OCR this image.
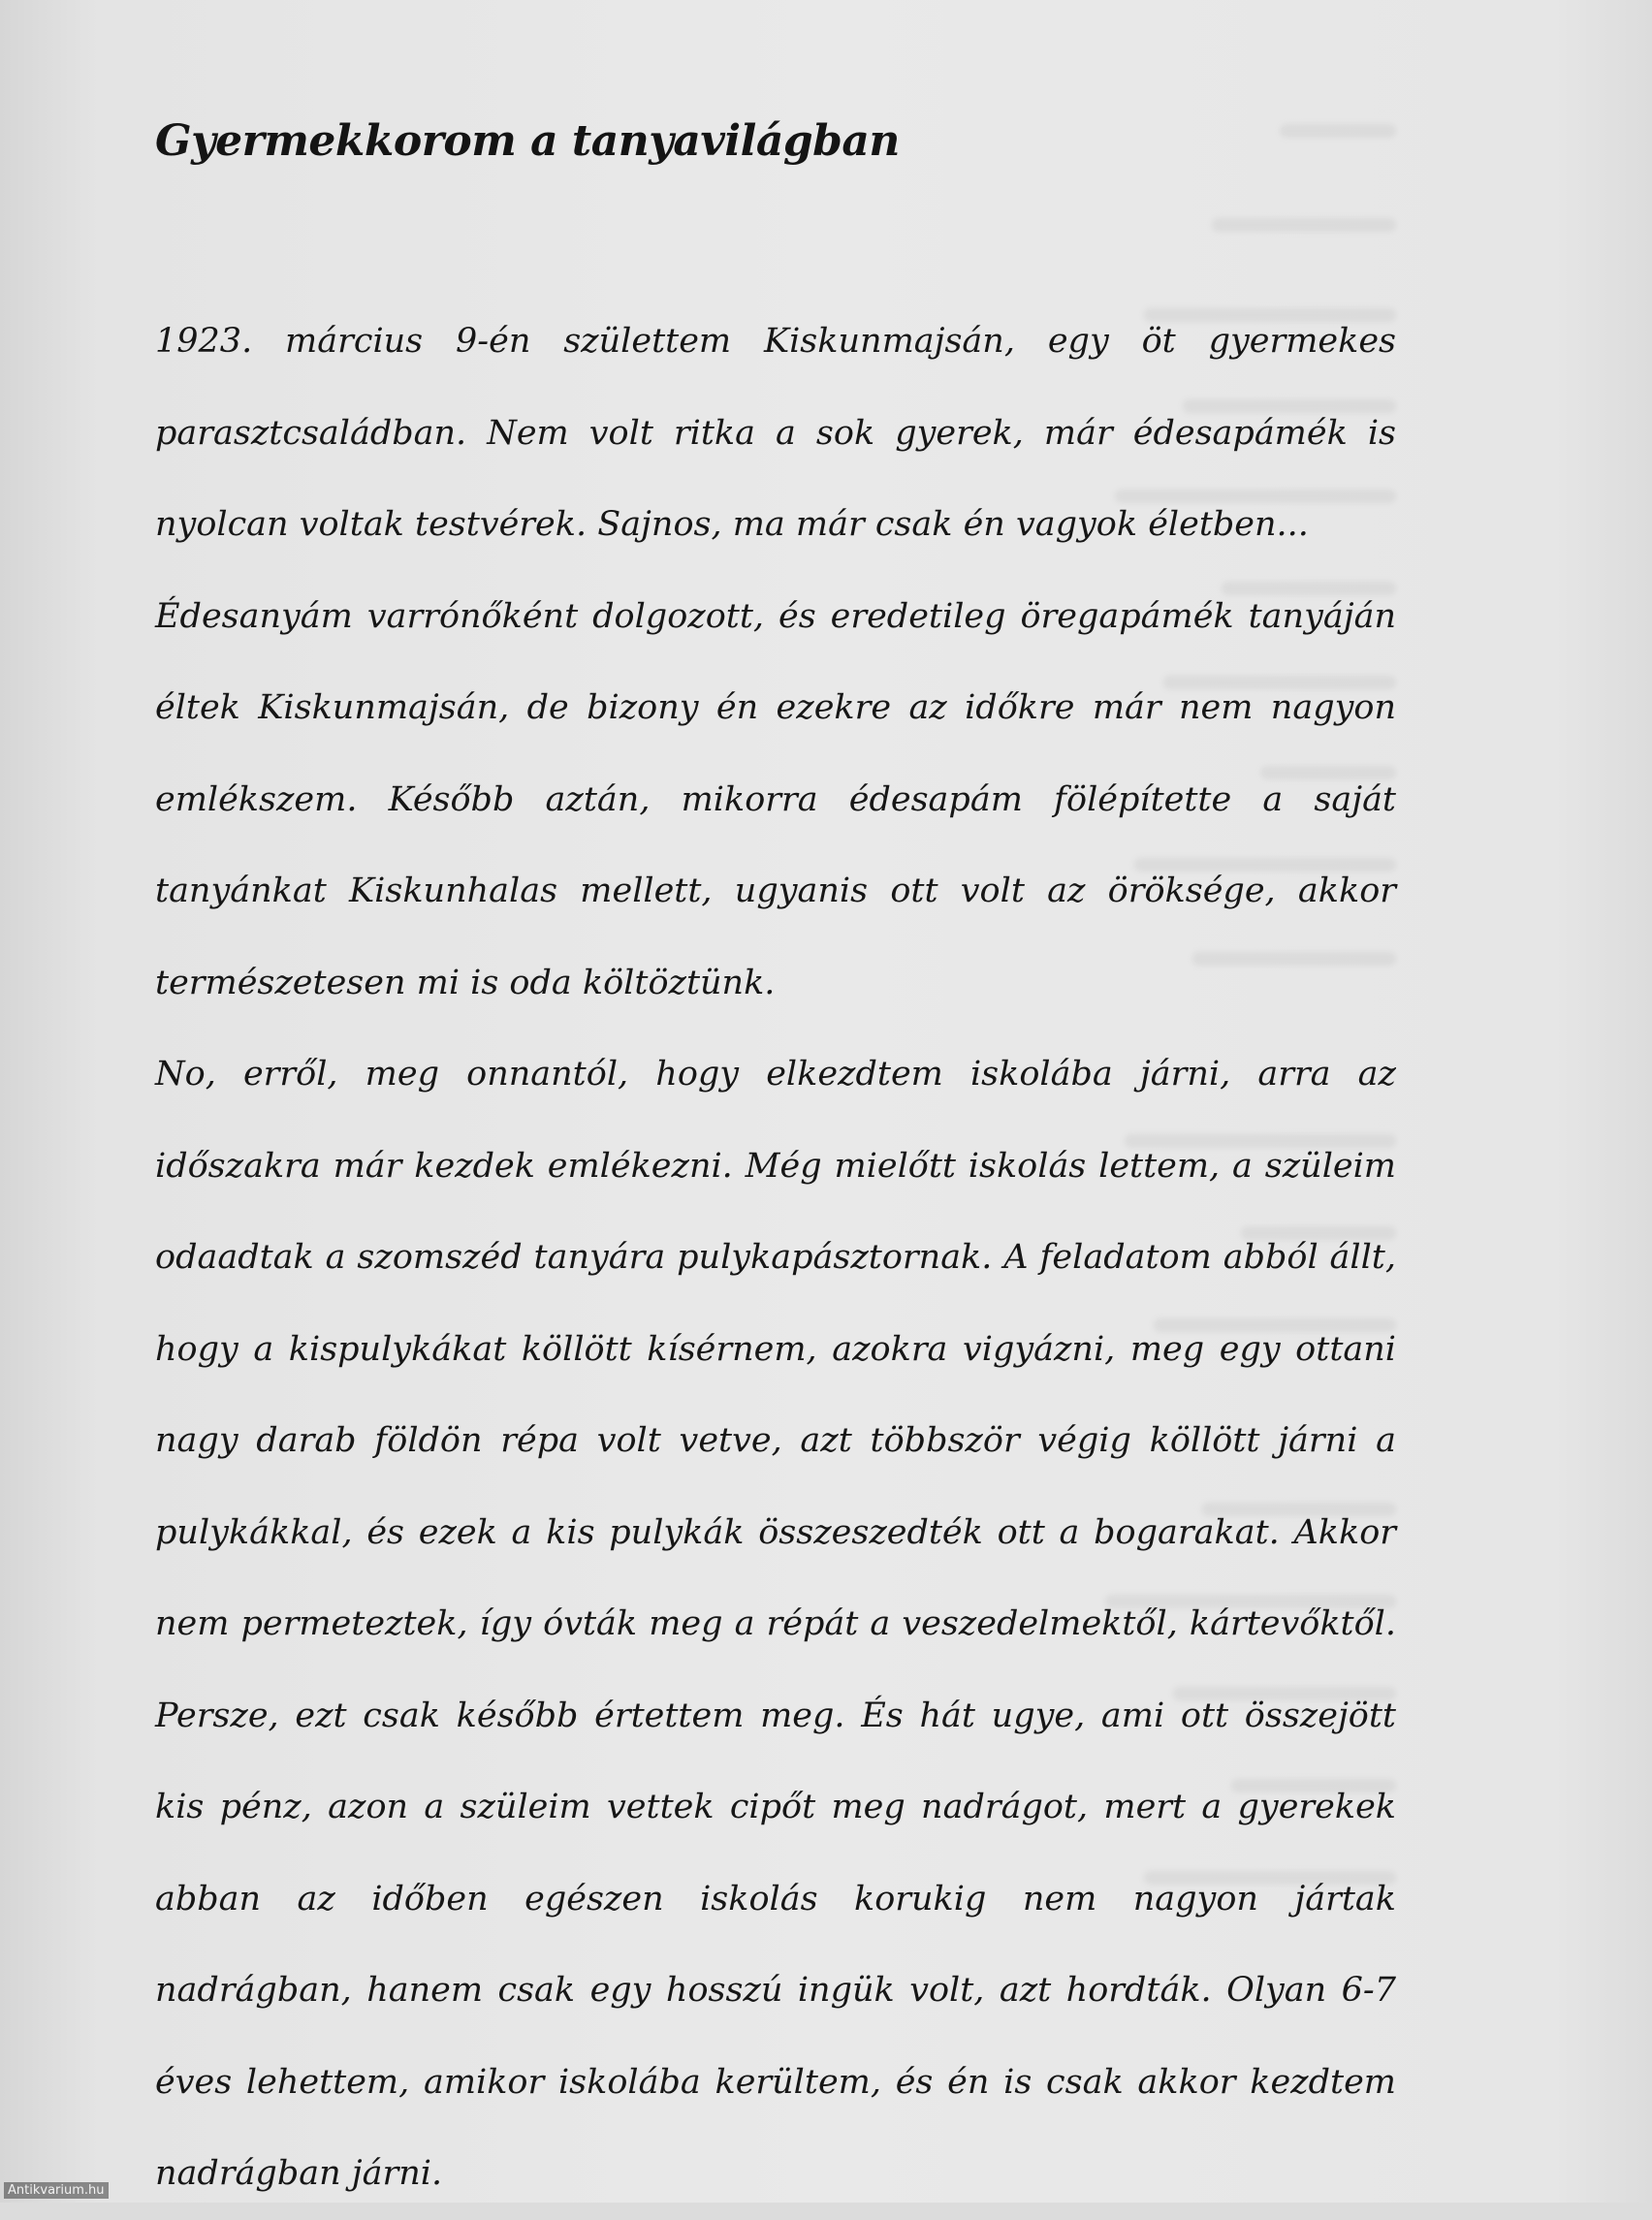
Gyermekkorom a tanyavilágban

1923. március 9-én születtem Kiskunmajsán, egy öt gyermekes parasztcsaládban. Nem volt ritka a sok gyerek, már édesapámék is nyolcan voltak testvérek. Sajnos, ma már csak én vagyok életben...

Édesanyám varrónőként dolgozott, és eredetileg öregapámék tanyáján éltek Kiskunmajsán, de bizony én ezekre az időkre már nem nagyon emlékszem. Később aztán, mikorra édesapám fölépítette a saját tanyánkat Kiskunhalas mellett, ugyanis ott volt az öröksége, akkor természetesen mi is oda költöztünk.

No, erről, meg onnantól, hogy elkezdtem iskolába járni, arra az időszakra már kezdek emlékezni. Még mielőtt iskolás lettem, a szüleim odaadtak a szomszéd tanyára pulykapásztornak. A feladatom abból állt, hogy a kispulykákat köllött kísérnem, azokra vigyázni, meg egy ottani nagy darab földön répa volt vetve, azt többször végig köllött járni a pulykákkal, és ezek a kis pulykák összeszedték ott a bogarakat. Akkor nem permeteztek, így óvták meg a répát a veszedelmektől, kártevőktől. Persze, ezt csak később értettem meg. És hát ugye, ami ott összejött kis pénz, azon a szüleim vettek cipőt meg nadrágot, mert a gyerekek abban az időben egészen iskolás korukig nem nagyon jártak nadrágban, hanem csak egy hosszú ingük volt, azt hordták. Olyan 6-7 éves lehettem, amikor iskolába kerültem, és én is csak akkor kezdtem nadrágban járni.

Antikvarium.hu
